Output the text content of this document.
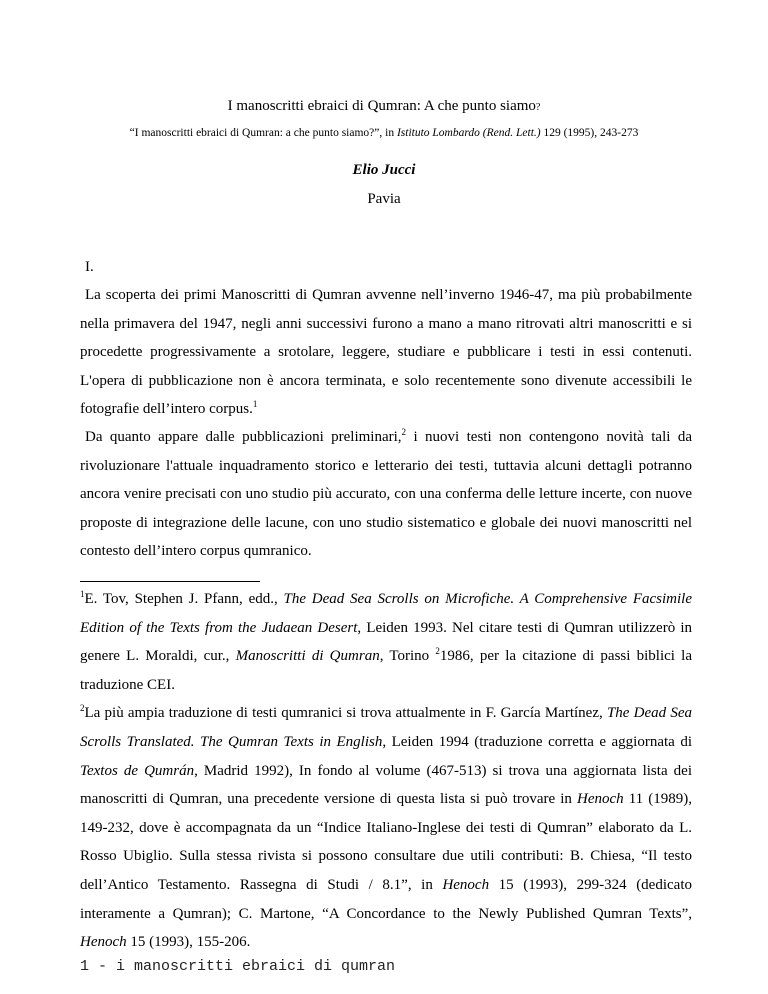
I manoscritti ebraici di Qumran: A che punto siamo?
“I manoscritti ebraici di Qumran: a che punto siamo?”, in Istituto Lombardo (Rend. Lett.) 129 (1995), 243-273
Elio Jucci
Pavia

I.

La scoperta dei primi Manoscritti di Qumran avvenne nell’inverno 1946-47, ma più probabilmente nella primavera del 1947, negli anni successivi furono a mano a mano ritrovati altri manoscritti e si procedette progressivamente a srotolare, leggere, studiare e pubblicare i testi in essi contenuti. L'opera di pubblicazione non è ancora terminata, e solo recentemente sono divenute accessibili le fotografie dell’intero corpus.$^1$

Da quanto appare dalle pubblicazioni preliminari,$^2$ i nuovi testi non contengono novità tali da rivoluzionare l'attuale inquadramento storico e letterario dei testi, tuttavia alcuni dettagli potranno ancora venire precisati con uno studio più accurato, con una conferma delle letture incerte, con nuove proposte di integrazione delle lacune, con uno studio sistematico e globale dei nuovi manoscritti nel contesto dell’intero corpus qumranico.

$^1$E. Tov, Stephen J. Pfann, edd., The Dead Sea Scrolls on Microfiche. A Comprehensive Facsimile Edition of the Texts from the Judaean Desert, Leiden 1993. Nel citare testi di Qumran utilizzerò in genere L. Moraldi, cur., Manoscritti di Qumran, Torino $^2$1986, per la citazione di passi biblici la traduzione CEI.

$^2$La più ampia traduzione di testi qumranici si trova attualmente in F. García Martínez, The Dead Sea Scrolls Translated. The Qumran Texts in English, Leiden 1994 (traduzione corretta e aggiornata di Textos de Qumrán, Madrid 1992), In fondo al volume (467-513) si trova una aggiornata lista dei manoscritti di Qumran, una precedente versione di questa lista si può trovare in Henoch 11 (1989), 149-232, dove è accompagnata da un “Indice Italiano-Inglese dei testi di Qumran” elaborato da L. Rosso Ubiglio. Sulla stessa rivista si possono consultare due utili contributi: B. Chiesa, “Il testo dell’Antico Testamento. Rassegna di Studi / 8.1”, in Henoch 15 (1993), 299-324 (dedicato interamente a Qumran); C. Martone, “A Concordance to the Newly Published Qumran Texts”, Henoch 15 (1993), 155-206.

1 - i manoscritti ebraici di qumran
